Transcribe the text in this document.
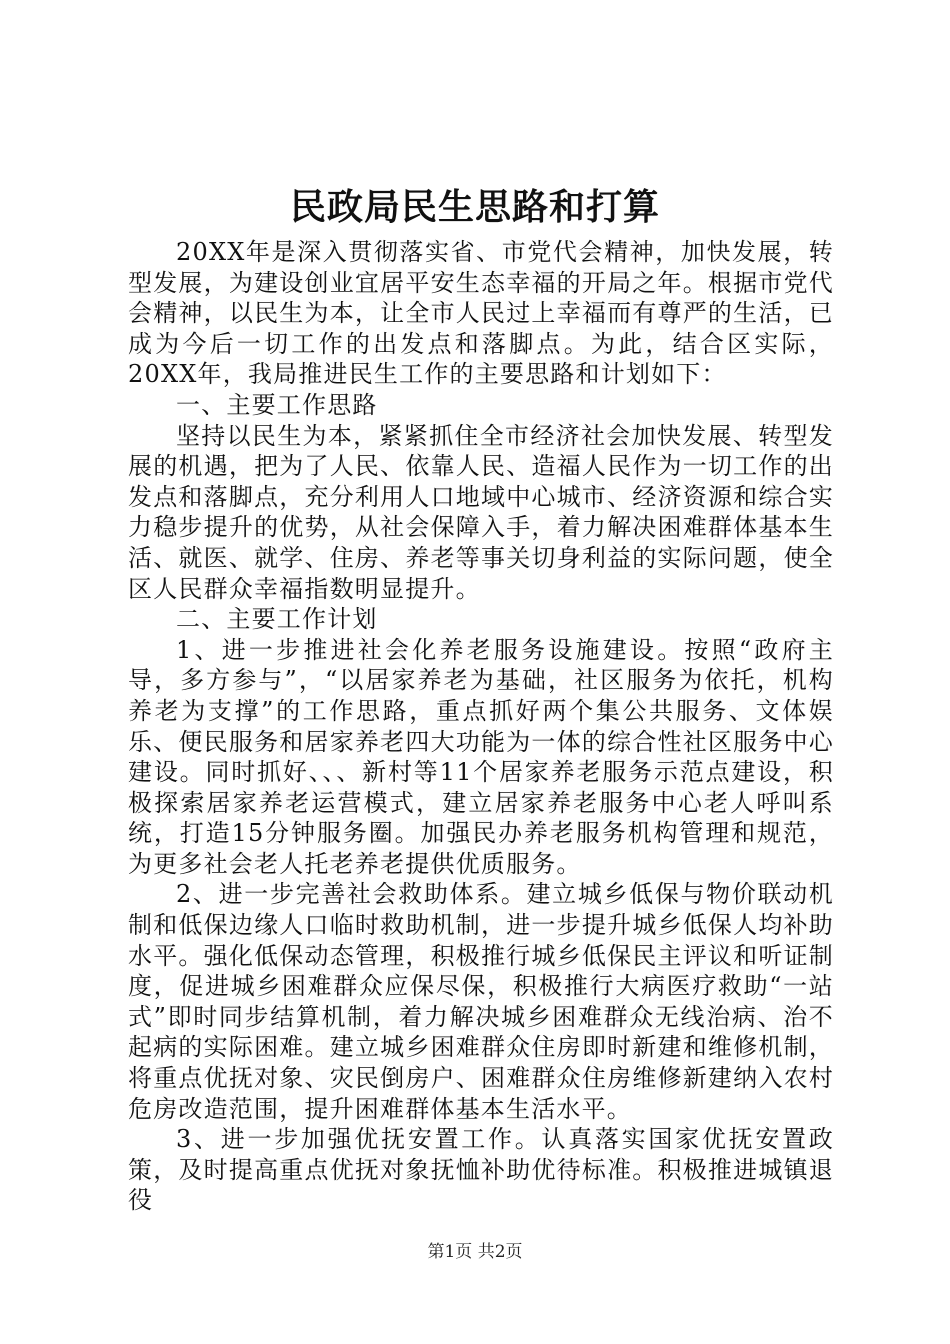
民政局民生思路和打算

20XX年是深入贯彻落实省、市党代会精神，加快发展，转型发展，为建设创业宜居平安生态幸福的开局之年。根据市党代会精神，以民生为本，让全市人民过上幸福而有尊严的生活，已成为今后一切工作的出发点和落脚点。为此，结合区实际，20XX年，我局推进民生工作的主要思路和计划如下：

一、主要工作思路

坚持以民生为本，紧紧抓住全市经济社会加快发展、转型发展的机遇，把为了人民、依靠人民、造福人民作为一切工作的出发点和落脚点，充分利用人口地域中心城市、经济资源和综合实力稳步提升的优势，从社会保障入手，着力解决困难群体基本生活、就医、就学、住房、养老等事关切身利益的实际问题，使全区人民群众幸福指数明显提升。

二、主要工作计划

1、进一步推进社会化养老服务设施建设。按照“政府主导，多方参与”，“以居家养老为基础，社区服务为依托，机构养老为支撑”的工作思路，重点抓好两个集公共服务、文体娱乐、便民服务和居家养老四大功能为一体的综合性社区服务中心建设。同时抓好、、、新村等11个居家养老服务示范点建设，积极探索居家养老运营模式，建立居家养老服务中心老人呼叫系统，打造15分钟服务圈。加强民办养老服务机构管理和规范，为更多社会老人托老养老提供优质服务。

2、进一步完善社会救助体系。建立城乡低保与物价联动机制和低保边缘人口临时救助机制，进一步提升城乡低保人均补助水平。强化低保动态管理，积极推行城乡低保民主评议和听证制度，促进城乡困难群众应保尽保，积极推行大病医疗救助“一站式”即时同步结算机制，着力解决城乡困难群众无线治病、治不起病的实际困难。建立城乡困难群众住房即时新建和维修机制，将重点优抚对象、灾民倒房户、困难群众住房维修新建纳入农村危房改造范围，提升困难群体基本生活水平。

3、进一步加强优抚安置工作。认真落实国家优抚安置政策，及时提高重点优抚对象抚恤补助优待标准。积极推进城镇退役

第1页 共2页
